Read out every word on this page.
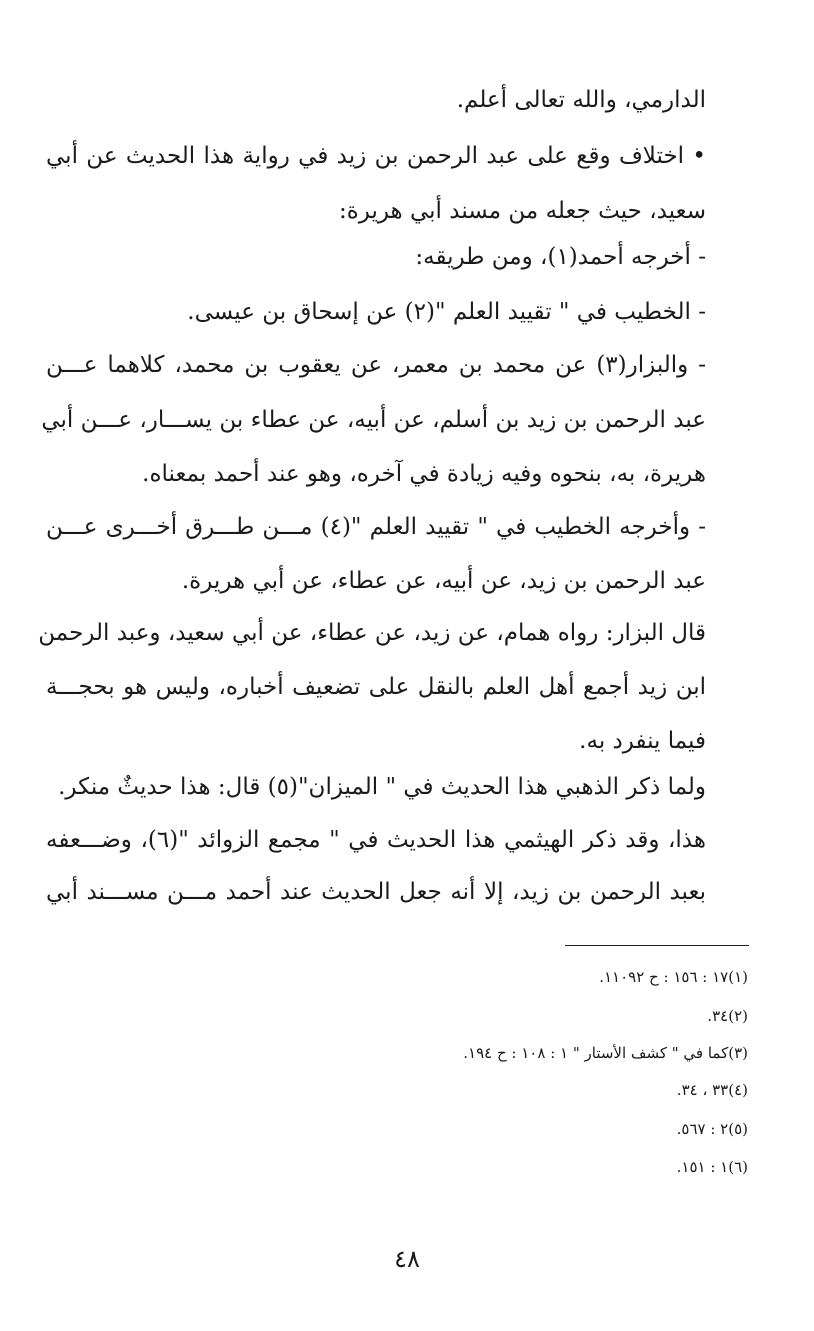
الدارمي، والله تعالى أعلم.
• اختلاف وقع على عبد الرحمن بن زيد في رواية هذا الحديث عن أبي
سعيد، حيث جعله من مسند أبي هريرة:
- أخرجه أحمد(١)، ومن طريقه:
- الخطيب في " تقييد العلم "(٢) عن إسحاق بن عيسى.
- والبزار(٣) عن محمد بن معمر، عن يعقوب بن محمد، كلاهما عـــن
عبد الرحمن بن زيد بن أسلم، عن أبيه، عن عطاء بن يســـار، عـــن أبي
هريرة، به، بنحوه وفيه زيادة في آخره، وهو عند أحمد بمعناه.
- وأخرجه الخطيب في " تقييد العلم "(٤) مـــن طـــرق أخـــرى عـــن
عبد الرحمن بن زيد، عن أبيه، عن عطاء، عن أبي هريرة.
قال البزار: رواه همام، عن زيد، عن عطاء، عن أبي سعيد، وعبد الرحمن
ابن زيد أجمع أهل العلم بالنقل على تضعيف أخباره، وليس هو بحجـــة
فيما ينفرد به.
ولما ذكر الذهبي هذا الحديث في " الميزان"(٥) قال: هذا حديثٌ منكر.
هذا، وقد ذكر الهيثمي هذا الحديث في " مجمع الزوائد "(٦)، وضـــعفه
بعبد الرحمن بن زيد، إلا أنه جعل الحديث عند أحمد مـــن مســـند أبي
(١)١٧ : ١٥٦ : ح ١١٠٩٢.
(٢)٣٤.
(٣)كما في " كشف الأستار " ١ : ١٠٨ : ح ١٩٤.
(٤)٣٣ ، ٣٤.
(٥)٢ : ٥٦٧.
(٦)١ : ١٥١.
٤٨
